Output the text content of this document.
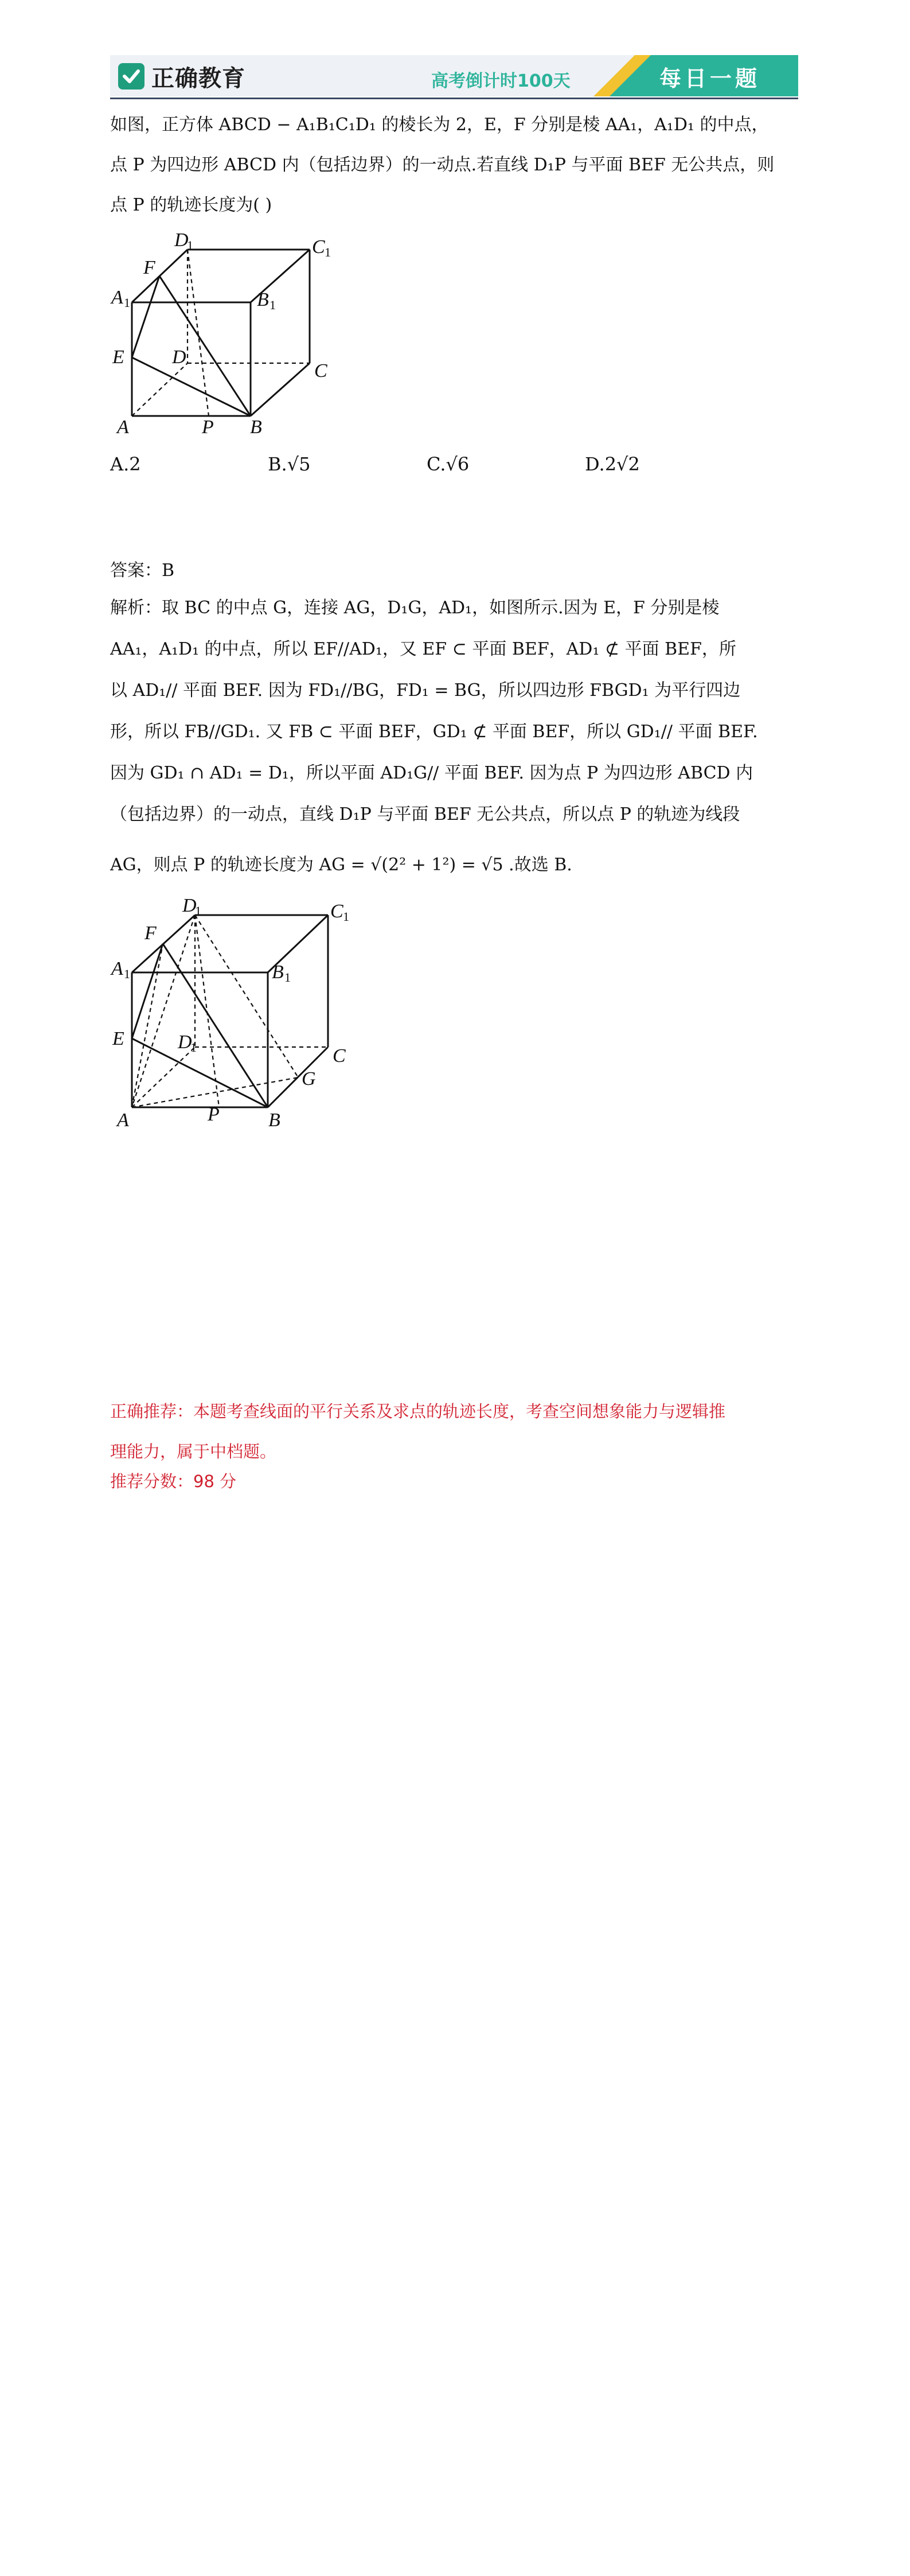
正确教育	高考倒计时100天	每日一题
如图，正方体 ABCD − A₁B₁C₁D₁ 的棱长为 2，E，F 分别是棱 AA₁，A₁D₁ 的中点，
点 P 为四边形 ABCD 内（包括边界）的一动点.若直线 D₁P 与平面 BEF 无公共点，则
点 P 的轨迹长度为( )
D
1	C 1
F
A 1	B 1
E D
C
A	P B
A.2	B.√5	C.√6	D.2√2
答案：B
解析：取 BC 的中点 G，连接 AG，D₁G，AD₁，如图所示.因为 E，F 分别是棱
AA₁，A₁D₁ 的中点，所以 EF//AD₁，又 EF ⊂ 平面 BEF，AD₁ ⊄ 平面 BEF，所
以 AD₁// 平面 BEF. 因为 FD₁//BG，FD₁ = BG，所以四边形 FBGD₁ 为平行四边
形，所以 FB//GD₁. 又 FB ⊂ 平面 BEF，GD₁ ⊄ 平面 BEF，所以 GD₁// 平面 BEF.
因为 GD₁ ∩ AD₁ = D₁，所以平面 AD₁G// 平面 BEF. 因为点 P 为四边形 ABCD 内
（包括边界）的一动点，直线 D₁P 与平面 BEF 无公共点，所以点 P 的轨迹为线段
AG，则点 P 的轨迹长度为 AG = √(2² + 1²) = √5 .故选 B.
D
1	C 1
F
A 1	B 1
E	D
1	C
G
A	P	B
正确推荐：本题考查线面的平行关系及求点的轨迹长度，考查空间想象能力与逻辑推
理能力，属于中档题。
推荐分数：98 分
